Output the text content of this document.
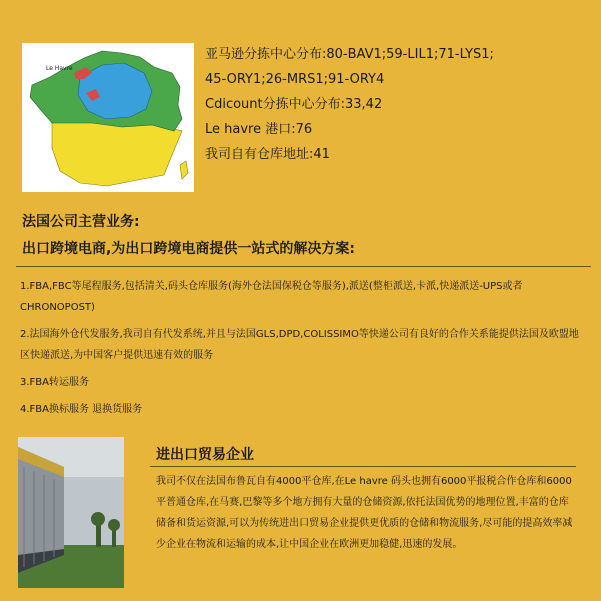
Le Havre

亚马逊分拣中心分布:80-BAV1;59-LIL1;71-LYS1;

45-ORY1;26-MRS1;91-ORY4

Cdicount分拣中心分布:33,42

Le havre 港口:76

我司自有仓库地址:41

法国公司主营业务:
出口跨境电商,为出口跨境电商提供一站式的解决方案:

1.FBA,FBC等尾程服务,包括清关,码头仓库服务(海外仓法国保税仓等服务),派送(整柜派送,卡派,快递派送-UPS或者CHRONOPOST)

2.法国海外仓代发服务,我司自有代发系统,并且与法国GLS,DPD,COLISSIMO等快递公司有良好的合作关系能提供法国及欧盟地区快递派送,为中国客户提供迅速有效的服务

3.FBA转运服务

4.FBA换标服务 退换货服务

进出口贸易企业

我司不仅在法国布鲁瓦自有4000平仓库,在Le havre 码头也拥有6000平报税合作仓库和6000平普通仓库,在马赛,巴黎等多个地方拥有大量的仓储资源,依托法国优势的地理位置,丰富的仓库储备和货运资源,可以为传统进出口贸易企业提供更优质的仓储和物流服务,尽可能的提高效率减少企业在物流和运输的成本,让中国企业在欧洲更加稳健,迅速的发展。
